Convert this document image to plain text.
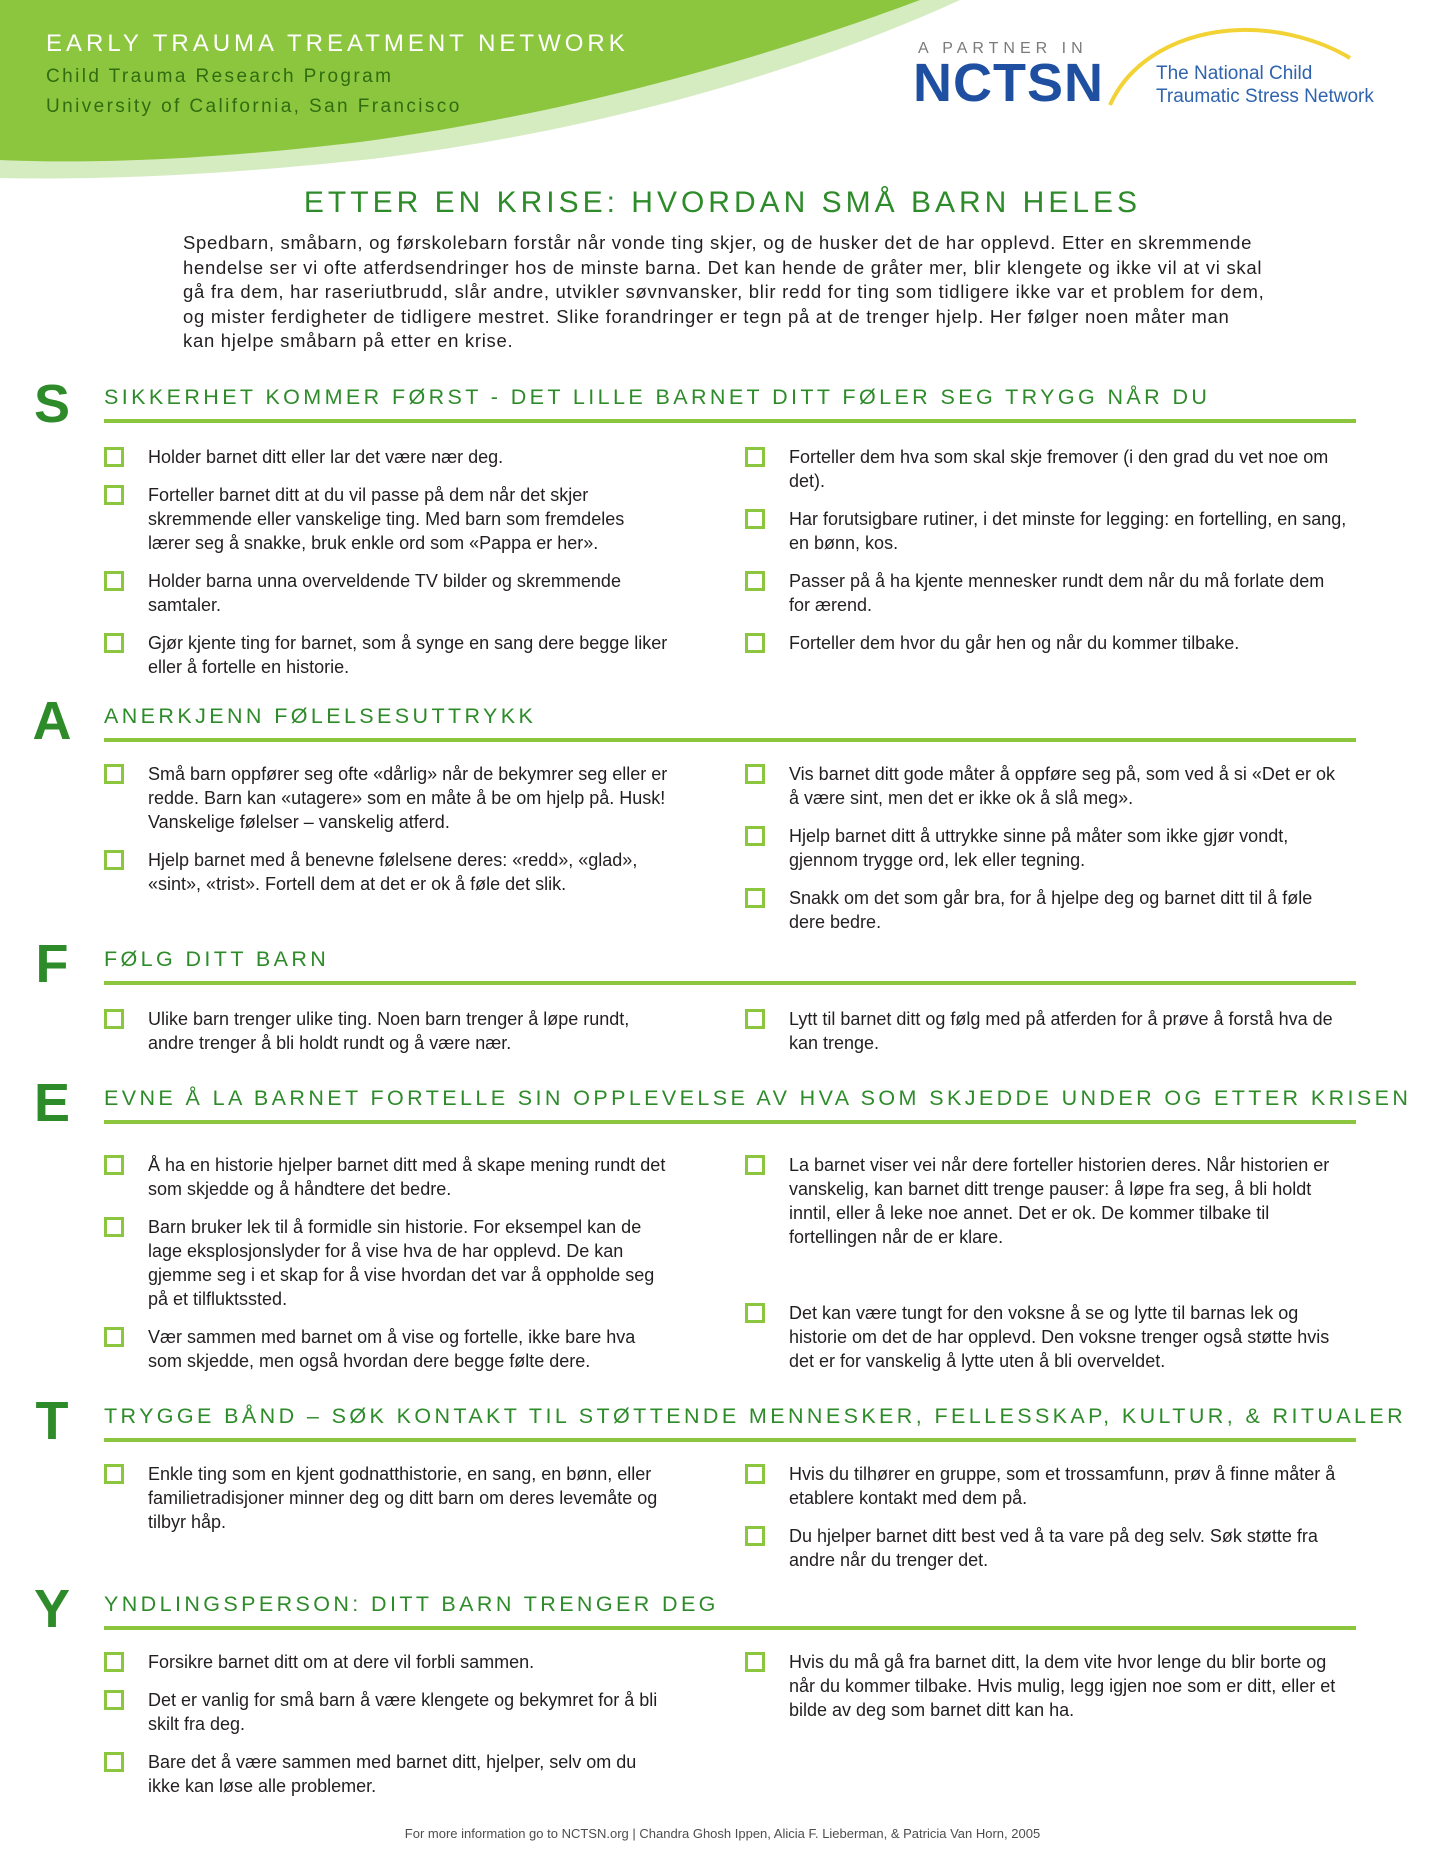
EARLY TRAUMA TREATMENT NETWORK
Child Trauma Research Program
University of California, San Francisco
A PARTNER IN
NCTSN	The National Child
Traumatic Stress Network
ETTER EN KRISE: HVORDAN SMÅ BARN HELES

Spedbarn, småbarn, og førskolebarn forstår når vonde ting skjer, og de husker det de har opplevd. Etter en skremmende hendelse ser vi ofte atferdsendringer hos de minste barna. Det kan hende de gråter mer, blir klengete og ikke vil at vi skal gå fra dem, har raseriutbrudd, slår andre, utvikler søvnvansker, blir redd for ting som tidligere ikke var et problem for dem, og mister ferdigheter de tidligere mestret. Slike forandringer er tegn på at de trenger hjelp. Her følger noen måter man kan hjelpe småbarn på etter en krise.

S SIKKERHET KOMMER FØRST - DET LILLE BARNET DITT FØLER SEG TRYGG NÅR DU
Holder barnet ditt eller lar det være nær deg.
Forteller barnet ditt at du vil passe på dem når det skjer skremmende eller vanskelige ting. Med barn som fremdeles lærer seg å snakke, bruk enkle ord som «Pappa er her».
Holder barna unna overveldende TV bilder og skremmende samtaler.
Gjør kjente ting for barnet, som å synge en sang dere begge liker eller å fortelle en historie.
Forteller dem hva som skal skje fremover (i den grad du vet noe om det).
Har forutsigbare rutiner, i det minste for legging: en fortelling, en sang, en bønn, kos.
Passer på å ha kjente mennesker rundt dem når du må forlate dem for ærend.
Forteller dem hvor du går hen og når du kommer tilbake.
A ANERKJENN FØLELSESUTTRYKK
Små barn oppfører seg ofte «dårlig» når de bekymrer seg eller er redde. Barn kan «utagere» som en måte å be om hjelp på. Husk! Vanskelige følelser – vanskelig atferd.
Hjelp barnet med å benevne følelsene deres: «redd», «glad», «sint», «trist». Fortell dem at det er ok å føle det slik.
Vis barnet ditt gode måter å oppføre seg på, som ved å si «Det er ok å være sint, men det er ikke ok å slå meg».
Hjelp barnet ditt å uttrykke sinne på måter som ikke gjør vondt, gjennom trygge ord, lek eller tegning.
Snakk om det som går bra, for å hjelpe deg og barnet ditt til å føle dere bedre.
F FØLG DITT BARN
Ulike barn trenger ulike ting. Noen barn trenger å løpe rundt, andre trenger å bli holdt rundt og å være nær.
Lytt til barnet ditt og følg med på atferden for å prøve å forstå hva de kan trenge.
E EVNE Å LA BARNET FORTELLE SIN OPPLEVELSE AV HVA SOM SKJEDDE UNDER OG ETTER KRISEN
Å ha en historie hjelper barnet ditt med å skape mening rundt det som skjedde og å håndtere det bedre.
Barn bruker lek til å formidle sin historie. For eksempel kan de lage eksplosjonslyder for å vise hva de har opplevd. De kan gjemme seg i et skap for å vise hvordan det var å oppholde seg på et tilfluktssted.
Vær sammen med barnet om å vise og fortelle, ikke bare hva som skjedde, men også hvordan dere begge følte dere.
La barnet viser vei når dere forteller historien deres. Når historien er vanskelig, kan barnet ditt trenge pauser: å løpe fra seg, å bli holdt inntil, eller å leke noe annet. Det er ok. De kommer tilbake til fortellingen når de er klare.
Det kan være tungt for den voksne å se og lytte til barnas lek og historie om det de har opplevd. Den voksne trenger også støtte hvis det er for vanskelig å lytte uten å bli overveldet.
T TRYGGE BÅND – SØK KONTAKT TIL STØTTENDE MENNESKER, FELLESSKAP, KULTUR, & RITUALER
Enkle ting som en kjent godnatthistorie, en sang, en bønn, eller familietradisjoner minner deg og ditt barn om deres levemåte og tilbyr håp.
Hvis du tilhører en gruppe, som et trossamfunn, prøv å finne måter å etablere kontakt med dem på.
Du hjelper barnet ditt best ved å ta vare på deg selv. Søk støtte fra andre når du trenger det.
Y YNDLINGSPERSON: DITT BARN TRENGER DEG
Forsikre barnet ditt om at dere vil forbli sammen.
Det er vanlig for små barn å være klengete og bekymret for å bli skilt fra deg.
Bare det å være sammen med barnet ditt, hjelper, selv om du ikke kan løse alle problemer.
Hvis du må gå fra barnet ditt, la dem vite hvor lenge du blir borte og når du kommer tilbake. Hvis mulig, legg igjen noe som er ditt, eller et bilde av deg som barnet ditt kan ha.
For more information go to NCTSN.org | Chandra Ghosh Ippen, Alicia F. Lieberman, & Patricia Van Horn, 2005
